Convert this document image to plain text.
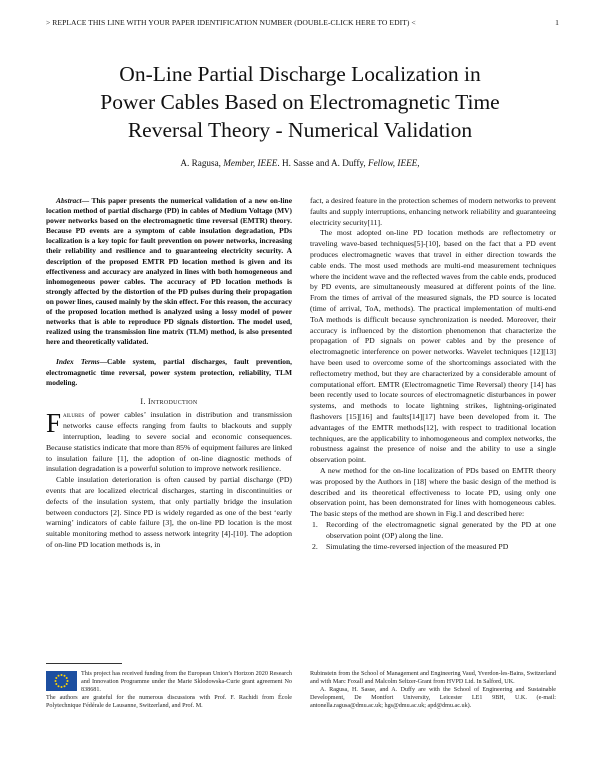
> REPLACE THIS LINE WITH YOUR PAPER IDENTIFICATION NUMBER (DOUBLE-CLICK HERE TO EDIT) <	1
On-Line Partial Discharge Localization in
Power Cables Based on Electromagnetic Time
Reversal Theory - Numerical Validation
A. Ragusa, Member, IEEE. H. Sasse and A. Duffy, Fellow, IEEE,

Abstract— This paper presents the numerical validation of a new on-line location method of partial discharge (PD) in cables of Medium Voltage (MV) power networks based on the electromagnetic time reversal (EMTR) theory. Because PD events are a symptom of cable insulation degradation, PDs localization is a key topic for fault prevention on power networks, increasing their reliability and resilience and to guaranteeing electricity security. A description of the proposed EMTR PD location method is given and its effectiveness and accuracy are analyzed in lines with both homogeneous and inhomogeneous power cables. The accuracy of PD location methods is strongly affected by the distortion of the PD pulses during their propagation on power lines, caused mainly by the skin effect. For this reason, the accuracy of the proposed location method is analyzed using a lossy model of power networks that is able to reproduce PD signals distortion. The model used, realized using the transmission line matrix (TLM) method, is also presented here and theoretically validated.

Index Terms—Cable system, partial discharges, fault prevention, electromagnetic time reversal, power system protection, reliability, TLM modeling.

I. Introduction

Failures of power cables’ insulation in distribution and transmission networks cause effects ranging from faults to blackouts and supply interruption, leading to severe social and economic consequences. Because statistics indicate that more than 85% of equipment failures are linked to insulation failure [1], the adoption of on-line diagnostic methods of insulation degradation is a powerful solution to improve network resilience.

Cable insulation deterioration is often caused by partial discharge (PD) events that are localized electrical discharges, starting in discontinuities or defects of the insulation system, that only partially bridge the insulation between conductors [2]. Since PD is widely regarded as one of the best ‘early warning’ indicators of cable failure [3], the on-line PD location is the most suitable monitoring method to assess network integrity [4]-[10]. The adoption of on-line PD location methods is, in

fact, a desired feature in the protection schemes of modern networks to prevent faults and supply interruptions, enhancing network reliability and guaranteeing electricity security[11].

The most adopted on-line PD location methods are reflectometry or traveling wave-based techniques[5]-[10], based on the fact that a PD event produces electromagnetic waves that travel in either direction towards the cable ends. The most used methods are multi-end measurement techniques where the incident wave and the reflected waves from the cable ends, produced by PD events, are simultaneously measured at different points of the line. From the times of arrival of the measured signals, the PD source is located (time of arrival, ToA, methods). The practical implementation of multi-end ToA methods is difficult because synchronization is needed. Moreover, their accuracy is influenced by the distortion phenomenon that characterize the propagation of PD signals on power cables and by the presence of electromagnetic interference on power networks. Wavelet techniques [12][13] have been used to overcome some of the shortcomings associated with the reflectometry method, but they are characterized by a considerable amount of computational effort. EMTR (Electromagnetic Time Reversal) theory [14] has been recently used to locate sources of electromagnetic disturbances in power systems, and methods to locate lightning strikes, lightning-originated flashovers [15][16] and faults[14][17] have been developed from it. The advantages of the EMTR methods[12], with respect to traditional location techniques, are the applicability to inhomogeneous and complex networks, the robustness against the presence of noise and the ability to use a single observation point.

A new method for the on-line localization of PDs based on EMTR theory was proposed by the Authors in [18] where the basic design of the method is described and its theoretical effectiveness to locate PD, using only one observation point, has been demonstrated for lines with homogeneous cables. The basic steps of the method are shown in Fig.1 and described here:

1.	Recording of the electromagnetic signal generated by the PD at one observation point (OP) along the line.
2.	Simulating the time-reversed injection of the measured PD

This project has received funding from the European Union’s Horizon 2020 Research and Innovation Programme under the Marie Sklodowska-Curie grant agreement No 838681.

The authors are grateful for the numerous discussions with Prof. F. Rachidi from École Polytechnique Fédérale de Lausanne, Switzerland, and Prof. M.

Rubinstein from the School of Management and Engineering Vaud, Yverdon-les-Bains, Switzerland and with Marc Foxall and Malcolm Seltzer-Grant from HVPD Ltd. In Salford, UK.

A. Ragusa, H. Sasse, and A. Duffy are with the School of Engineering and Sustainable Development, De Montfort University, Leicester LE1 9BH, U.K. (e-mail: antonella.ragusa@dmu.ac.uk; hgs@dmu.ac.uk; apd@dmu.ac.uk).
